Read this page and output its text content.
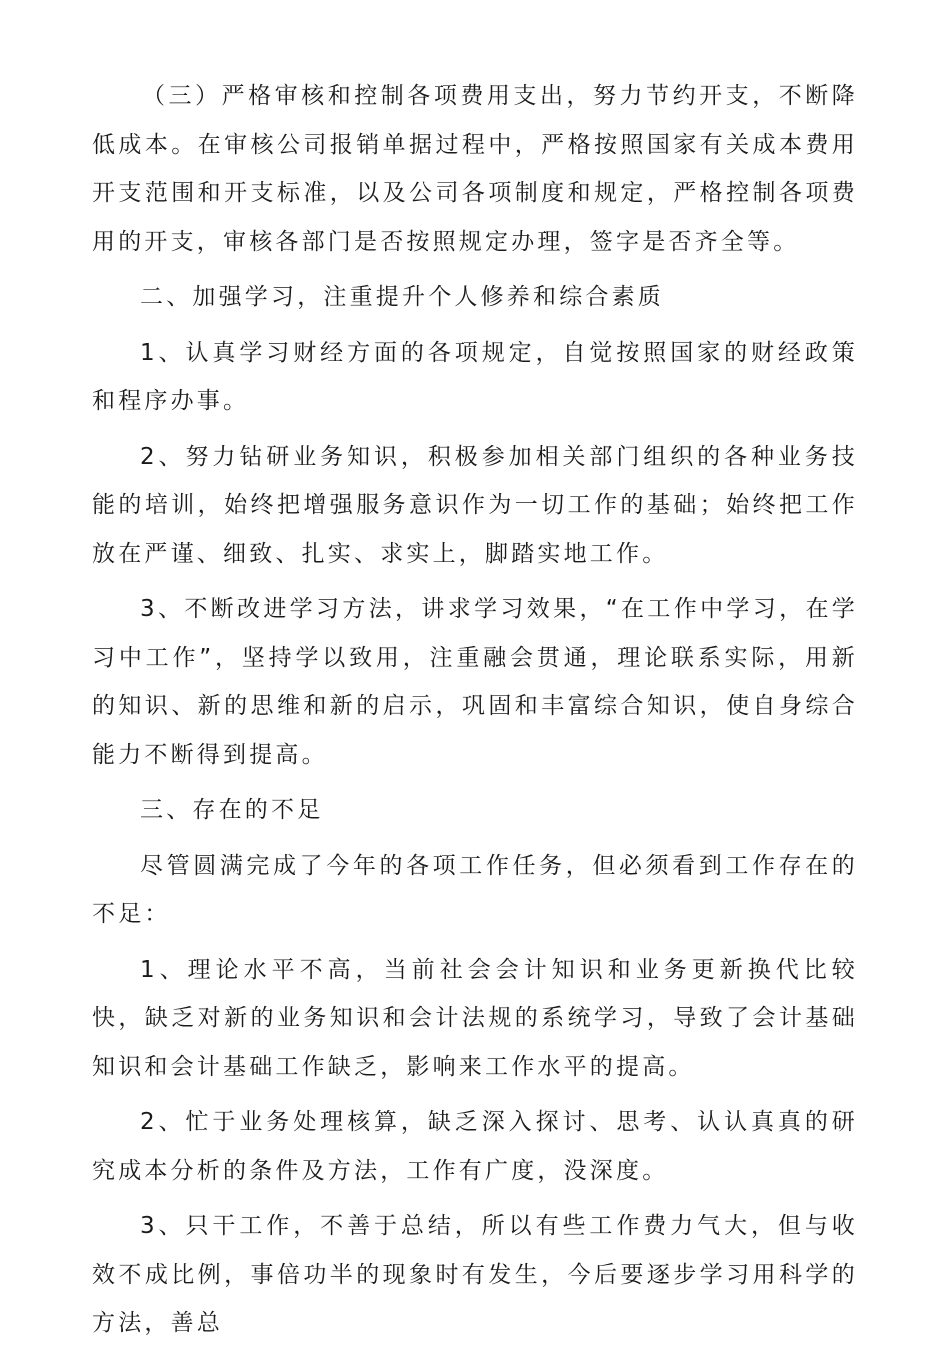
（三）严格审核和控制各项费用支出，努力节约开支，不断降低成本。在审核公司报销单据过程中，严格按照国家有关成本费用开支范围和开支标准，以及公司各项制度和规定，严格控制各项费用的开支，审核各部门是否按照规定办理，签字是否齐全等。

二、加强学习，注重提升个人修养和综合素质

1、认真学习财经方面的各项规定，自觉按照国家的财经政策和程序办事。

2、努力钻研业务知识，积极参加相关部门组织的各种业务技能的培训，始终把增强服务意识作为一切工作的基础；始终把工作放在严谨、细致、扎实、求实上，脚踏实地工作。

3、不断改进学习方法，讲求学习效果，“在工作中学习，在学习中工作”，坚持学以致用，注重融会贯通，理论联系实际，用新的知识、新的思维和新的启示，巩固和丰富综合知识，使自身综合能力不断得到提高。

三、存在的不足

尽管圆满完成了今年的各项工作任务，但必须看到工作存在的不足：

1、理论水平不高，当前社会会计知识和业务更新换代比较快，缺乏对新的业务知识和会计法规的系统学习，导致了会计基础知识和会计基础工作缺乏，影响来工作水平的提高。

2、忙于业务处理核算，缺乏深入探讨、思考、认认真真的研究成本分析的条件及方法，工作有广度，没深度。

3、只干工作，不善于总结，所以有些工作费力气大，但与收效不成比例，事倍功半的现象时有发生，今后要逐步学习用科学的方法，善总
